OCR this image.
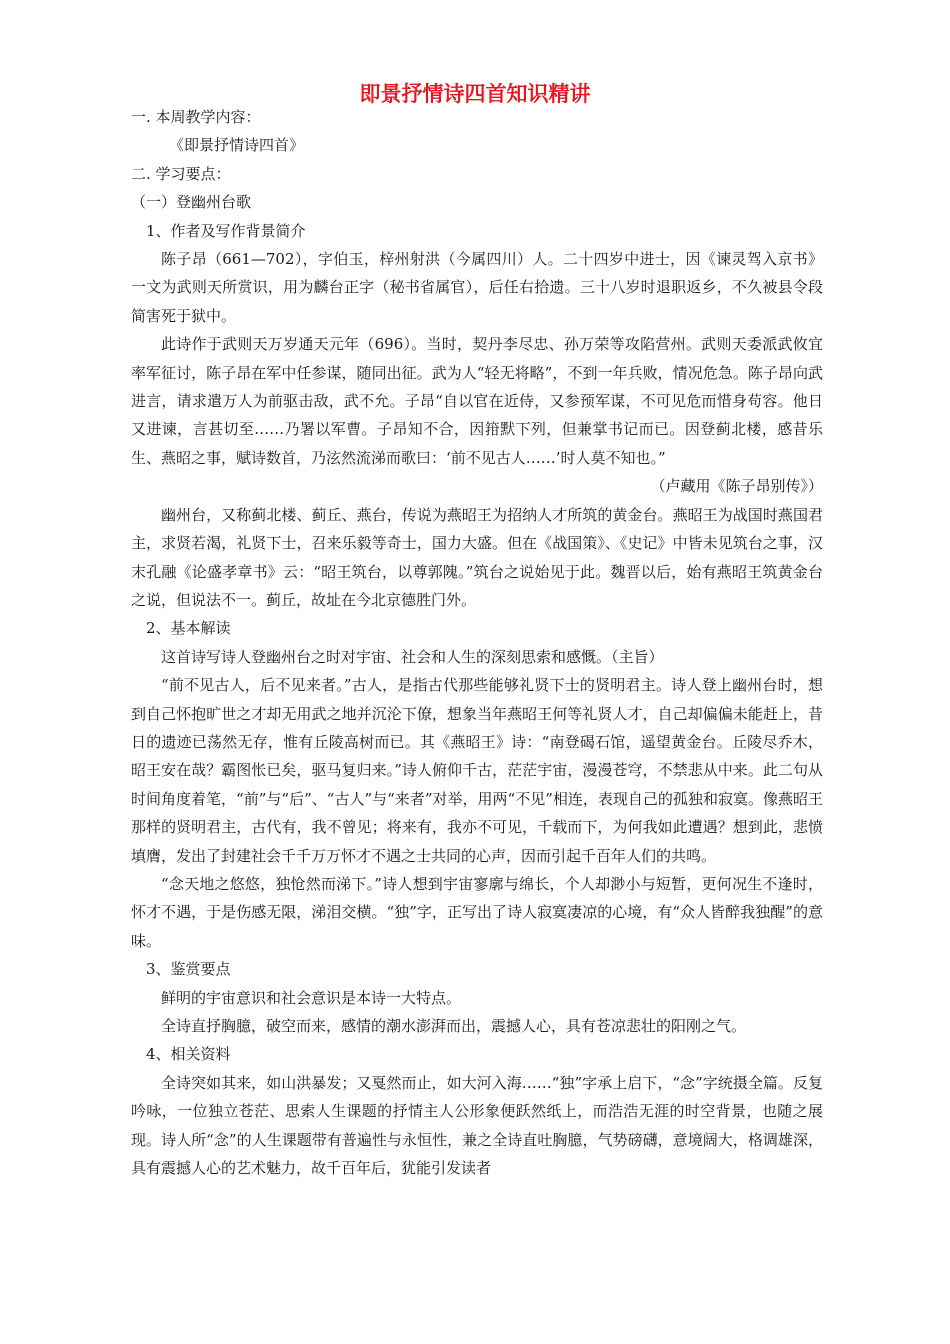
即景抒情诗四首知识精讲

一. 本周教学内容：

《即景抒情诗四首》

二. 学习要点：

（一）登幽州台歌

1、作者及写作背景简介

陈子昂（661—702），字伯玉，梓州射洪（今属四川）人。二十四岁中进士，因《谏灵驾入京书》一文为武则天所赏识，用为麟台正字（秘书省属官），后任右拾遗。三十八岁时退职返乡，不久被县令段简害死于狱中。

此诗作于武则天万岁通天元年（696）。当时，契丹李尽忠、孙万荣等攻陷营州。武则天委派武攸宜率军征讨，陈子昂在军中任参谋，随同出征。武为人“轻无将略”，不到一年兵败，情况危急。陈子昂向武进言，请求遣万人为前驱击敌，武不允。子昂“自以官在近侍，又参预军谋，不可见危而惜身苟容。他日又进谏，言甚切至……乃署以军曹。子昂知不合，因箝默下列，但兼掌书记而已。因登蓟北楼，感昔乐生、燕昭之事，赋诗数首，乃泫然流涕而歌曰：‘前不见古人……’时人莫不知也。”

（卢藏用《陈子昂别传》）

幽州台，又称蓟北楼、蓟丘、燕台，传说为燕昭王为招纳人才所筑的黄金台。燕昭王为战国时燕国君主，求贤若渴，礼贤下士，召来乐毅等奇士，国力大盛。但在《战国策》、《史记》中皆未见筑台之事，汉末孔融《论盛孝章书》云：“昭王筑台，以尊郭隗。”筑台之说始见于此。魏晋以后，始有燕昭王筑黄金台之说，但说法不一。蓟丘，故址在今北京德胜门外。

2、基本解读

这首诗写诗人登幽州台之时对宇宙、社会和人生的深刻思索和感慨。（主旨）

“前不见古人，后不见来者。”古人，是指古代那些能够礼贤下士的贤明君主。诗人登上幽州台时，想到自己怀抱旷世之才却无用武之地并沉沦下僚，想象当年燕昭王何等礼贤人才，自己却偏偏未能赶上，昔日的遗迹已荡然无存，惟有丘陵高树而已。其《燕昭王》诗：“南登碣石馆，遥望黄金台。丘陵尽乔木，昭王安在哉？霸图怅已矣，驱马复归来。”诗人俯仰千古，茫茫宇宙，漫漫苍穹，不禁悲从中来。此二句从时间角度着笔，“前”与“后”、“古人”与“来者”对举，用两“不见”相连，表现自己的孤独和寂寞。像燕昭王那样的贤明君主，古代有，我不曾见；将来有，我亦不可见，千载而下，为何我如此遭遇？想到此，悲愤填膺，发出了封建社会千千万万怀才不遇之士共同的心声，因而引起千百年人们的共鸣。

“念天地之悠悠，独怆然而涕下。”诗人想到宇宙寥廓与绵长，个人却渺小与短暂，更何况生不逢时，怀才不遇，于是伤感无限，涕泪交横。“独”字，正写出了诗人寂寞凄凉的心境，有“众人皆醉我独醒”的意味。

3、鉴赏要点

鲜明的宇宙意识和社会意识是本诗一大特点。

全诗直抒胸臆，破空而来，感情的潮水澎湃而出，震撼人心，具有苍凉悲壮的阳刚之气。

4、相关资料

全诗突如其来，如山洪暴发；又戛然而止，如大河入海……“独”字承上启下，“念”字统摄全篇。反复吟咏，一位独立苍茫、思索人生课题的抒情主人公形象便跃然纸上，而浩浩无涯的时空背景，也随之展现。诗人所“念”的人生课题带有普遍性与永恒性，兼之全诗直吐胸臆，气势磅礴，意境阔大，格调雄深，具有震撼人心的艺术魅力，故千百年后，犹能引发读者
